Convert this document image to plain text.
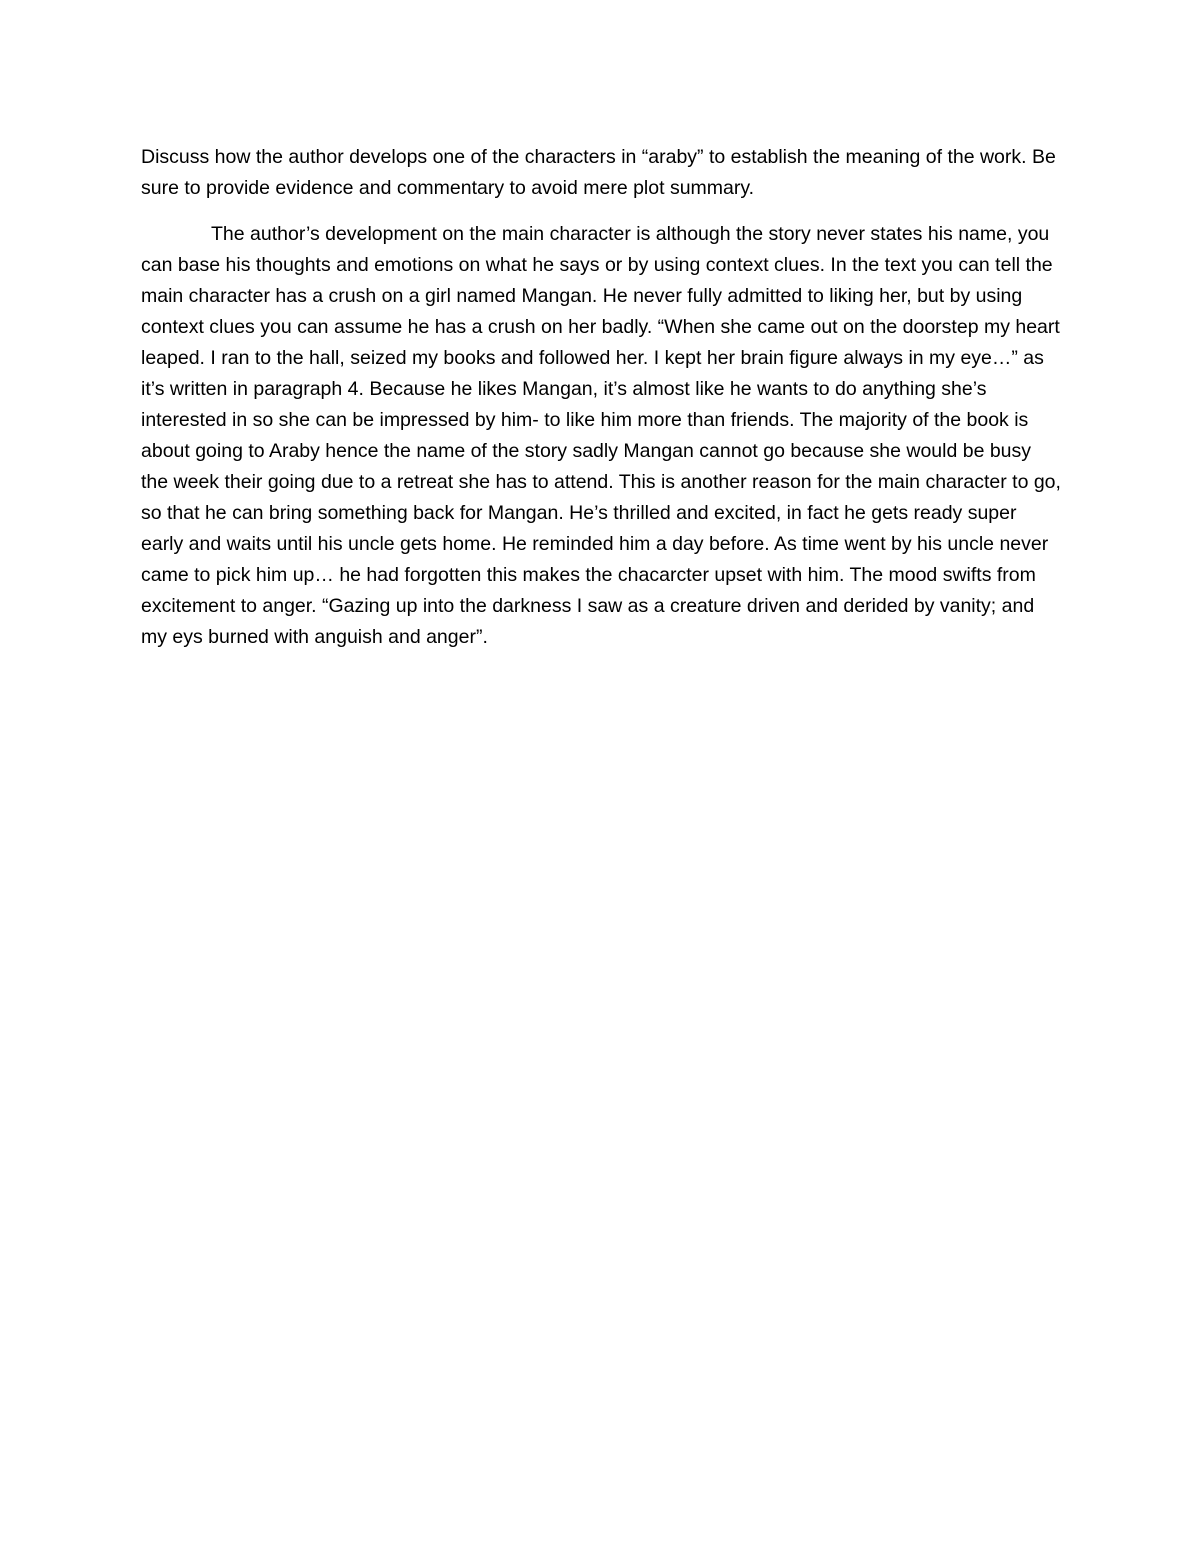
Discuss how the author develops one of the characters in “araby” to establish the meaning of the work. Be sure to provide evidence and commentary to avoid mere plot summary.

The author’s development on the main character is although the story never states his name, you can base his thoughts and emotions on what he says or by using context clues. In the text you can tell the main character has a crush on a girl named Mangan. He never fully admitted to liking her, but by using context clues you can assume he has a crush on her badly. “When she came out on the doorstep my heart leaped. I ran to the hall, seized my books and followed her. I kept her brain figure always in my eye…” as it’s written in paragraph 4. Because he likes Mangan, it’s almost like he wants to do anything she’s interested in so she can be impressed by him- to like him more than friends. The majority of the book is about going to Araby hence the name of the story sadly Mangan cannot go because she would be busy the week their going due to a retreat she has to attend. This is another reason for the main character to go, so that he can bring something back for Mangan. He’s thrilled and excited, in fact he gets ready super early and waits until his uncle gets home. He reminded him a day before. As time went by his uncle never came to pick him up… he had forgotten this makes the chacarcter upset with him. The mood swifts from excitement to anger. “Gazing up into the darkness I saw as a creature driven and derided by vanity; and my eys burned with anguish and anger”.
